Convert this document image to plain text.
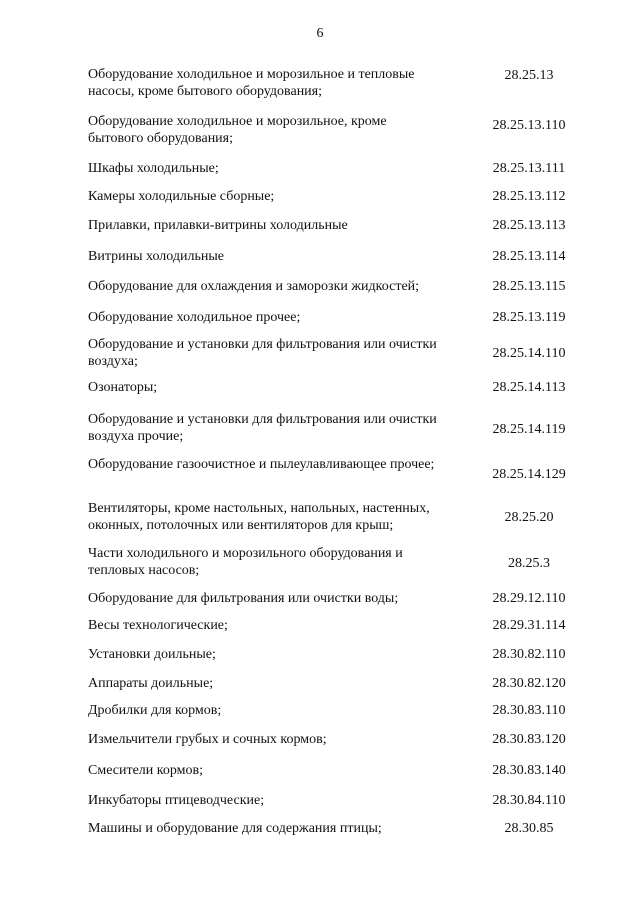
6
Оборудование холодильное и морозильное и тепловые насосы, кроме бытового оборудования;
28.25.13
Оборудование холодильное и морозильное, кроме бытового оборудования;
28.25.13.110
Шкафы холодильные;	28.25.13.111
Камеры холодильные сборные;	28.25.13.112
Прилавки, прилавки-витрины холодильные	28.25.13.113
Витрины холодильные	28.25.13.114
Оборудование для охлаждения и заморозки жидкостей;	28.25.13.115
Оборудование холодильное прочее;	28.25.13.119
Оборудование и установки для фильтрования или очистки воздуха;
28.25.14.110
Озонаторы;	28.25.14.113
Оборудование и установки для фильтрования или очистки воздуха прочие;	28.25.14.119
Оборудование газоочистное и пылеулавливающее прочее;
28.25.14.129
Вентиляторы, кроме настольных, напольных, настенных, оконных, потолочных или вентиляторов для крыш;
28.25.20
Части холодильного и морозильного оборудования и тепловых насосов;	28.25.3
Оборудование для фильтрования или очистки воды;	28.29.12.110
Весы технологические;	28.29.31.114
Установки доильные;	28.30.82.110
Аппараты доильные;	28.30.82.120
Дробилки для кормов;	28.30.83.110
Измельчители грубых и сочных кормов;	28.30.83.120
Смесители кормов;	28.30.83.140
Инкубаторы птицеводческие;	28.30.84.110
Машины и оборудование для содержания птицы;	28.30.85
